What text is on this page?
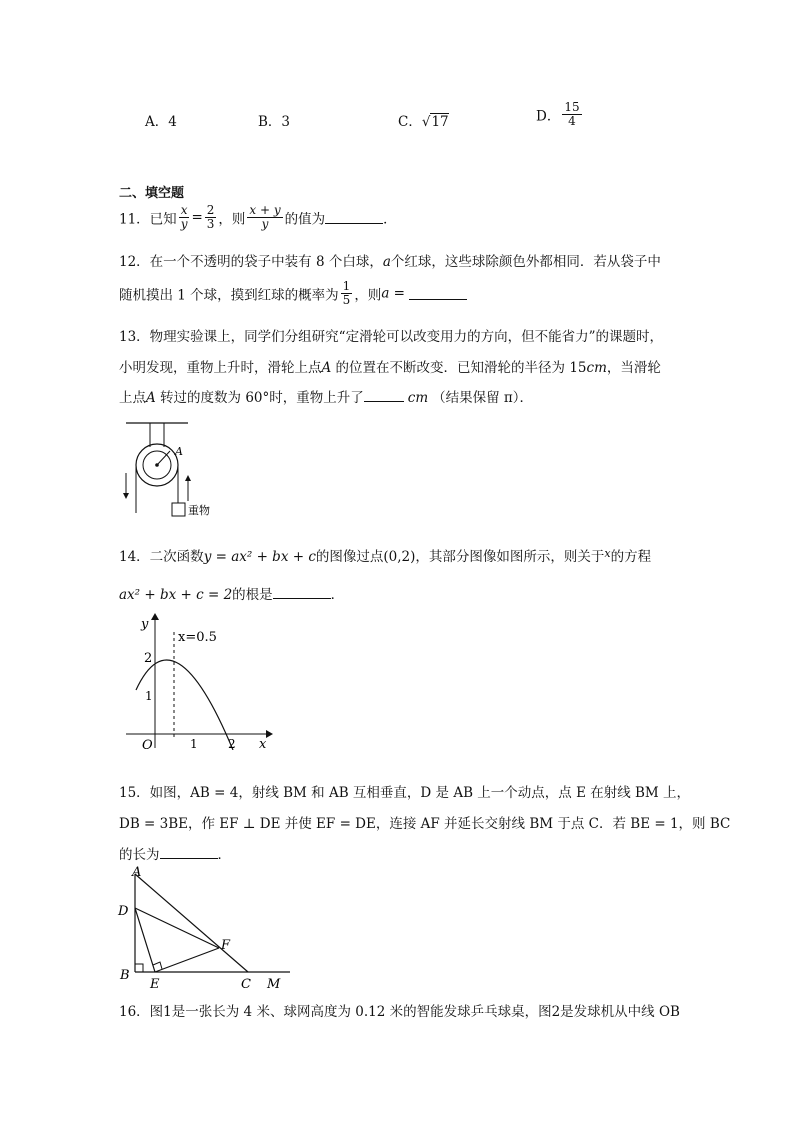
A．4	B．3	C．√17	D． $\frac{15}{4}$
二、填空题
11．已知 $\frac{x}{y} = \frac{2}{3}$ ，则 $\frac{x + y}{y}$ 的值为	．
12．在一个不透明的袋子中装有 8 个白球，a个红球，这些球除颜色外都相同．若从袋子中
随机摸出 1 个球，摸到红球的概率为 $\frac{1}{5}$ ，则a =
13．物理实验课上，同学们分组研究“定滑轮可以改变用力的方向，但不能省力”的课题时，
小明发现，重物上升时，滑轮上点A 的位置在不断改变．已知滑轮的半径为 15cm，当滑轮
上点A 转过的度数为 60°时，重物上升了	cm （结果保留 π）．
A
重物
14．二次函数y = ax² + bx + c的图像过点(0,2)，其部分图像如图所示，则关于$^x$的方程
ax² + bx + c = 2的根是	．
y
x
O	1	2
1
2
x=0.5
15．如图，AB = 4，射线 BM 和 AB 互相垂直，D 是 AB 上一个动点，点 E 在射线 BM 上，
DB = 3BE，作 EF ⊥ DE 并使 EF = DE，连接 AF 并延长交射线 BM 于点 C．若 BE = 1，则 BC
的长为	．
A
D
B
E
F
C M
16．图1是一张长为 4 米、球网高度为 0.12 米的智能发球乒乓球桌，图2是发球机从中线 OB
